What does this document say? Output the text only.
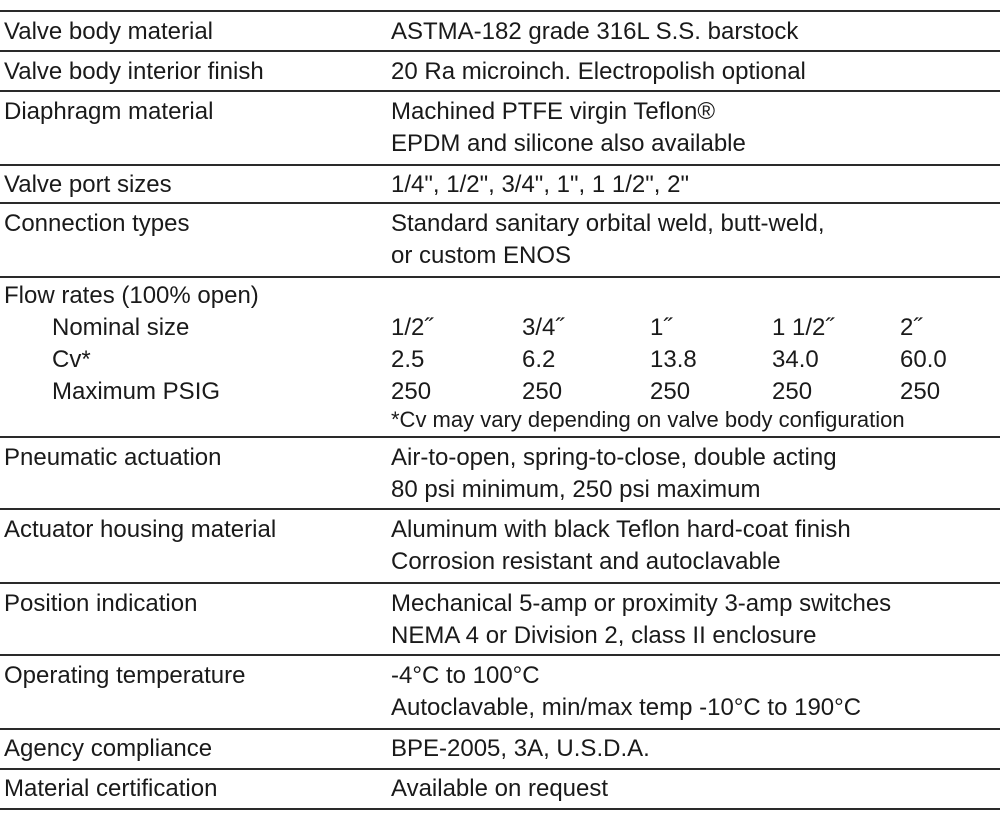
Valve body material	ASTMA-182 grade 316L S.S. barstock
Valve body interior finish	20 Ra microinch. Electropolish optional
Diaphragm material	Machined PTFE virgin Teflon®
EPDM and silicone also available
Valve port sizes	1/4", 1/2", 3/4", 1", 1 1/2", 2"
Connection types	Standard sanitary orbital weld, butt-weld,
or custom ENOS
Flow rates (100% open)
Nominal size	1/2˝	3/4˝	1˝	1 1/2˝	2˝
Cv*	2.5	6.2	13.8	34.0	60.0
Maximum PSIG	250	250	250	250	250
*Cv may vary depending on valve body configuration
Pneumatic actuation	Air-to-open, spring-to-close, double acting
80 psi minimum, 250 psi maximum
Actuator housing material	Aluminum with black Teflon hard-coat finish
Corrosion resistant and autoclavable
Position indication	Mechanical 5-amp or proximity 3-amp switches
NEMA 4 or Division 2, class II enclosure
Operating temperature	-4°C to 100°C
Autoclavable, min/max temp -10°C to 190°C
Agency compliance	BPE-2005, 3A, U.S.D.A.
Material certification	Available on request
